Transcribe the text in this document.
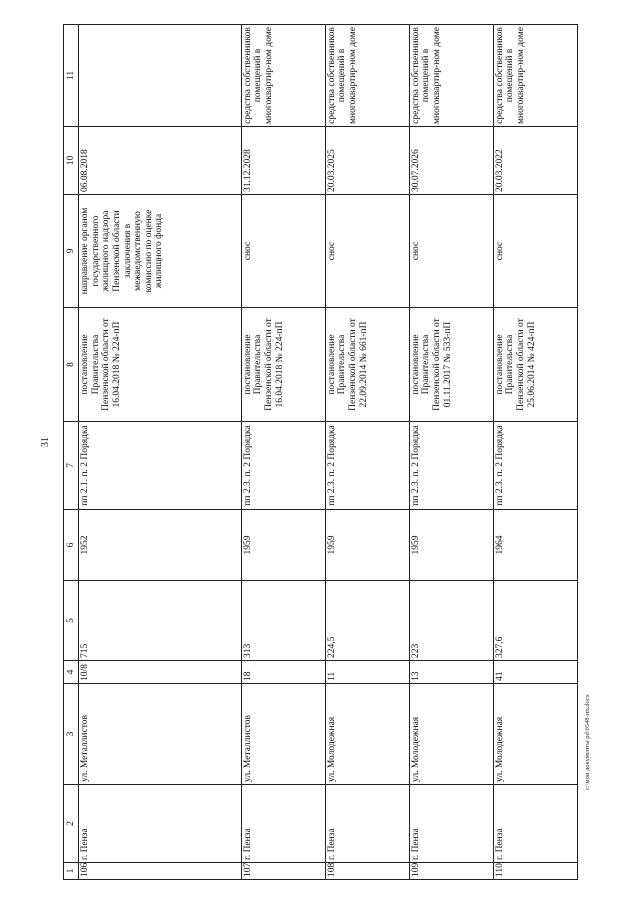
31
c:\мои документы\pd\0548-ип.docx
1	2	3	4	5	6	7	8	9	10	11
106	г. Пенза	ул. Металлистов	10/8	715	1952	пп 2.1. п. 2 Порядка	постановление Правительства Пензенской области от 16.04.2018 № 224-пП	направление органом государственного жилищного надзора Пензенской области заключения в межведомственную комиссию по оценке жилищного фонда	06.08.2018	
107	г. Пенза	ул. Металлистов	18	313	1959	пп 2.3. п. 2 Порядка	постановление Правительства Пензенской области от 16.04.2018 № 224-пП	снос	31.12.2028	средства собственников помещений в многоквартир-ном доме
108	г. Пенза	ул. Молодежная	11	224,5	1959	пп 2.3. п. 2 Порядка	постановление Правительства Пензенской области от 22.09.2014 № 661-пП	снос	20.03.2025	средства собственников помещений в многоквартир-ном доме
109	г. Пенза	ул. Молодежная	13	223	1959	пп 2.3. п. 2 Порядка	постановление Правительства Пензенской области от 01.11.2017 № 533-пП	снос	30.07.2026	средства собственников помещений в многоквартир-ном доме
110	г. Пенза	ул. Молодежная	41	327,6	1964	пп 2.3. п. 2 Порядка	постановление Правительства Пензенской области от 25.06.2014 № 424-пП	снос	20.03.2022	средства собственников помещений в многоквартир-ном доме
